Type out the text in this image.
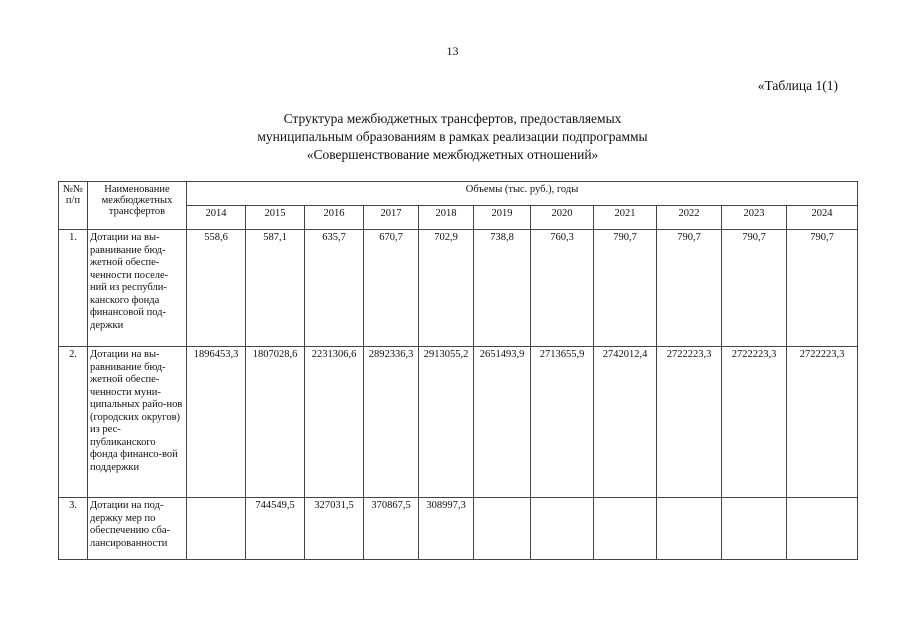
13
«Таблица 1(1)
Структура межбюджетных трансфертов, предоставляемых
муниципальным образованиям в рамках реализации подпрограммы
«Совершенствование межбюджетных отношений»
№№ п/п	Наименование межбюджетных трансфертов	Объемы (тыс. руб.), годы										
		2014	2015	2016	2017	2018	2019	2020	2021	2022	2023	2024
1.	Дотации на вы-равнивание бюд-жетной обеспе-ченности поселе-ний из республи-канского фонда финансовой под-держки	558,6	587,1	635,7	670,7	702,9	738,8	760,3	790,7	790,7	790,7	790,7
2.	Дотации на вы-равнивание бюд-жетной обеспе-ченности муни-ципальных райо-нов (городских округов) из рес-публиканского фонда финансо-вой поддержки	1896453,3	1807028,6	2231306,6	2892336,3	2913055,2	2651493,9	2713655,9	2742012,4	2722223,3	2722223,3	2722223,3
3.	Дотации на под-держку мер по обеспечению сба-лансированности		744549,5	327031,5	370867,5	308997,3						
